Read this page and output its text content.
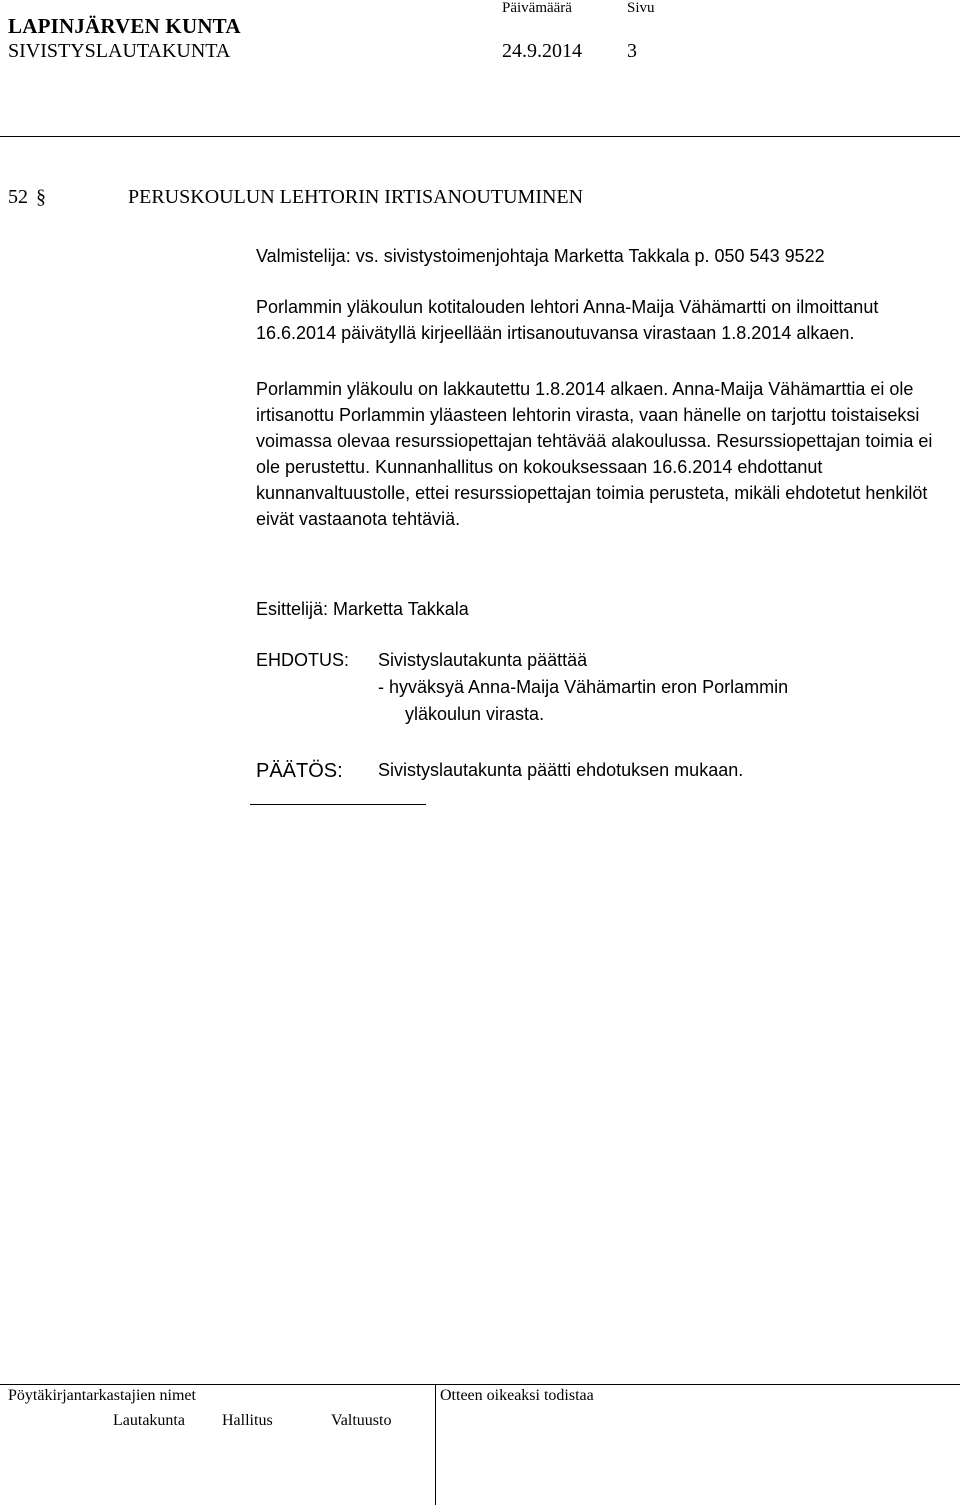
LAPINJÄRVEN KUNTA
SIVISTYSLAUTAKUNTA
Päivämäärä	Sivu
24.9.2014 3
52 §	PERUSKOULUN LEHTORIN IRTISANOUTUMINEN

Valmistelija: vs. sivistystoimenjohtaja Marketta Takkala p. 050 543 9522

Porlammin yläkoulun kotitalouden lehtori Anna-Maija Vähämartti on ilmoittanut 16.6.2014 päivätyllä kirjeellään irtisanoutuvansa virastaan 1.8.2014 alkaen.

Porlammin yläkoulu on lakkautettu 1.8.2014 alkaen. Anna-Maija Vähämarttia ei ole irtisanottu Porlammin yläasteen lehtorin virasta, vaan hänelle on tarjottu toistaiseksi voimassa olevaa resurssiopettajan tehtävää alakoulussa. Resurssiopettajan toimia ei ole perustettu. Kunnanhallitus on kokouksessaan 16.6.2014 ehdottanut kunnanvaltuustolle, ettei resurssiopettajan toimia perusteta, mikäli ehdotetut henkilöt eivät vastaanota tehtäviä.

Esittelijä: Marketta Takkala

EHDOTUS: Sivistyslautakunta päättää
- hyväksyä Anna-Maija Vähämartin eron Porlammin
yläkoulun virasta.
PÄÄTÖS: Sivistyslautakunta päätti ehdotuksen mukaan.
Pöytäkirjantarkastajien nimet	Otteen oikeaksi todistaa
Lautakunta Hallitus	Valtuusto
